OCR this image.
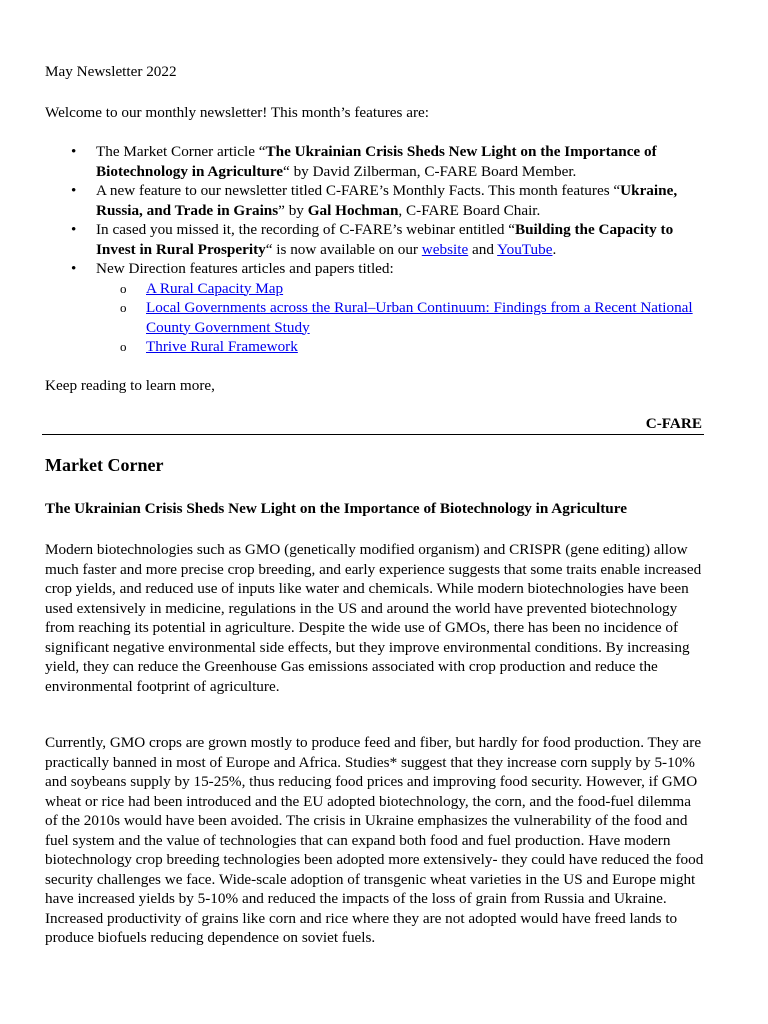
May Newsletter 2022

Welcome to our monthly newsletter! This month’s features are:

• The Market Corner article “The Ukrainian Crisis Sheds New Light on the Importance of Biotechnology in Agriculture“ by David Zilberman, C-FARE Board Member.
• A new feature to our newsletter titled C-FARE’s Monthly Facts. This month features “Ukraine, Russia, and Trade in Grains” by Gal Hochman, C-FARE Board Chair.
• In cased you missed it, the recording of C-FARE’s webinar entitled “Building the Capacity to Invest in Rural Prosperity“ is now available on our website and YouTube.
• New Direction features articles and papers titled:
o A Rural Capacity Map
o Local Governments across the Rural–Urban Continuum: Findings from a Recent National County Government Study
o Thrive Rural Framework

Keep reading to learn more,

C-FARE
Market Corner
The Ukrainian Crisis Sheds New Light on the Importance of Biotechnology in Agriculture

Modern biotechnologies such as GMO (genetically modified organism) and CRISPR (gene editing) allow much faster and more precise crop breeding, and early experience suggests that some traits enable increased crop yields, and reduced use of inputs like water and chemicals. While modern biotechnologies have been used extensively in medicine, regulations in the US and around the world have prevented biotechnology from reaching its potential in agriculture. Despite the wide use of GMOs, there has been no incidence of significant negative environmental side effects, but they improve environmental conditions. By increasing yield, they can reduce the Greenhouse Gas emissions associated with crop production and reduce the environmental footprint of agriculture.

Currently, GMO crops are grown mostly to produce feed and fiber, but hardly for food production. They are practically banned in most of Europe and Africa. Studies* suggest that they increase corn supply by 5-10% and soybeans supply by 15-25%, thus reducing food prices and improving food security. However, if GMO wheat or rice had been introduced and the EU adopted biotechnology, the corn, and the food-fuel dilemma of the 2010s would have been avoided. The crisis in Ukraine emphasizes the vulnerability of the food and fuel system and the value of technologies that can expand both food and fuel production. Have modern biotechnology crop breeding technologies been adopted more extensively- they could have reduced the food security challenges we face. Wide-scale adoption of transgenic wheat varieties in the US and Europe might have increased yields by 5-10% and reduced the impacts of the loss of grain from Russia and Ukraine. Increased productivity of grains like corn and rice where they are not adopted would have freed lands to produce biofuels reducing dependence on soviet fuels.
